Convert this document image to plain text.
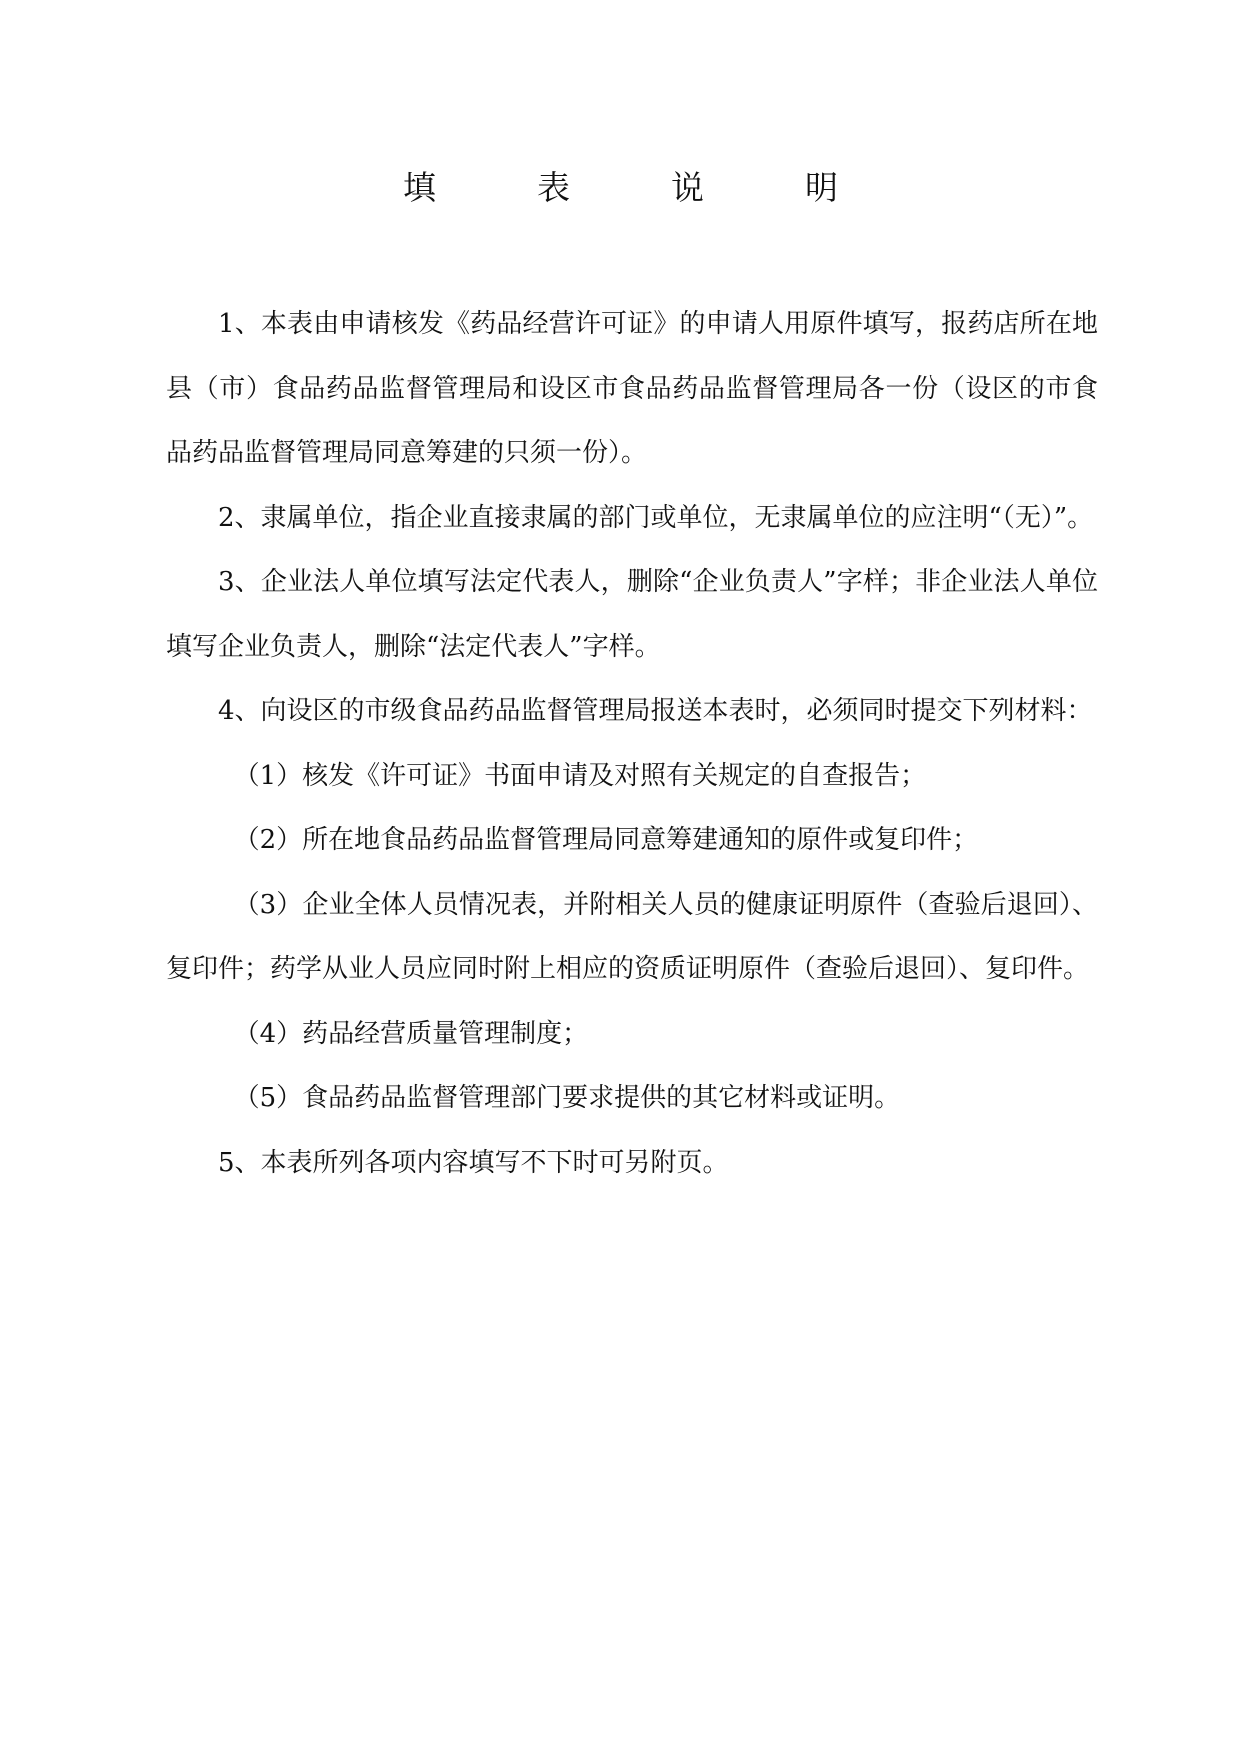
填　表　说　明

1、本表由申请核发《药品经营许可证》的申请人用原件填写，报药店所在地县（市）食品药品监督管理局和设区市食品药品监督管理局各一份（设区的市食品药品监督管理局同意筹建的只须一份）。

2、隶属单位，指企业直接隶属的部门或单位，无隶属单位的应注明“（无）”。

3、企业法人单位填写法定代表人，删除“企业负责人”字样；非企业法人单位填写企业负责人，删除“法定代表人”字样。

4、向设区的市级食品药品监督管理局报送本表时，必须同时提交下列材料：

（1）核发《许可证》书面申请及对照有关规定的自查报告；

（2）所在地食品药品监督管理局同意筹建通知的原件或复印件；

（3）企业全体人员情况表，并附相关人员的健康证明原件（查验后退回）、复印件；药学从业人员应同时附上相应的资质证明原件（查验后退回）、复印件。

（4）药品经营质量管理制度；

（5）食品药品监督管理部门要求提供的其它材料或证明。

5、本表所列各项内容填写不下时可另附页。
